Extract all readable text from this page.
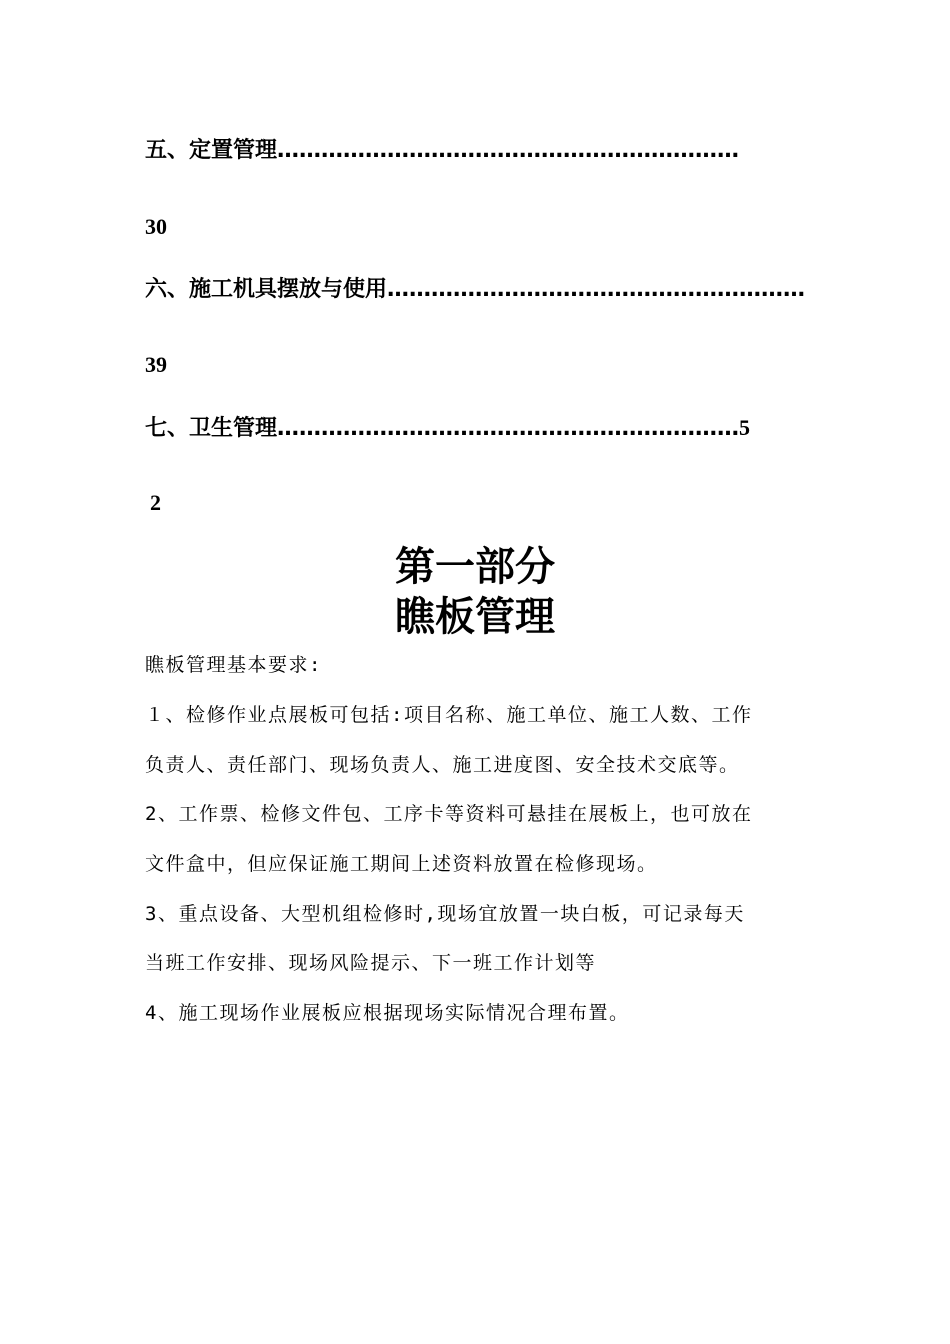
五、定置管理………………………………………………………
30
六、施工机具摆放与使用…………………………………………………
39
七、卫生管理………………………………………………………5
2
第一部分
瞧板管理
瞧板管理基本要求:
１、检修作业点展板可包括:项目名称、施工单位、施工人数、工作
负责人、责任部门、现场负责人、施工进度图、安全技术交底等。
2、工作票、检修文件包、工序卡等资料可悬挂在展板上，也可放在
文件盒中，但应保证施工期间上述资料放置在检修现场。
3、重点设备、大型机组检修时,现场宜放置一块白板，可记录每天
当班工作安排、现场风险提示、下一班工作计划等
4、施工现场作业展板应根据现场实际情况合理布置。
